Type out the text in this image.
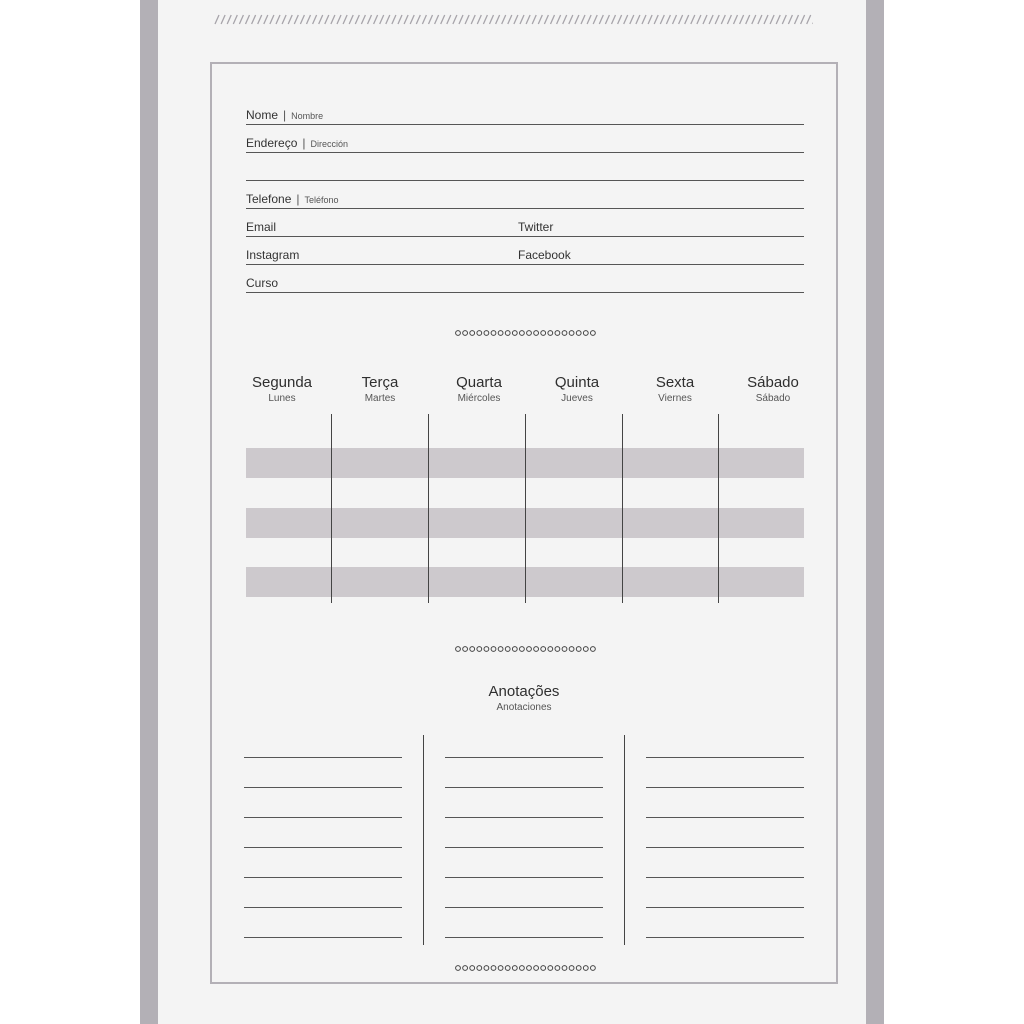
Nome | Nombre
Endereço | Dirección
Telefone | Teléfono
Email	Twitter
Instagram	Facebook
Curso
Segunda
Lunes
Terça
Martes
Quarta
Miércoles
Quinta
Jueves
Sexta
Viernes
Sábado
Sábado
Anotações
Anotaciones
